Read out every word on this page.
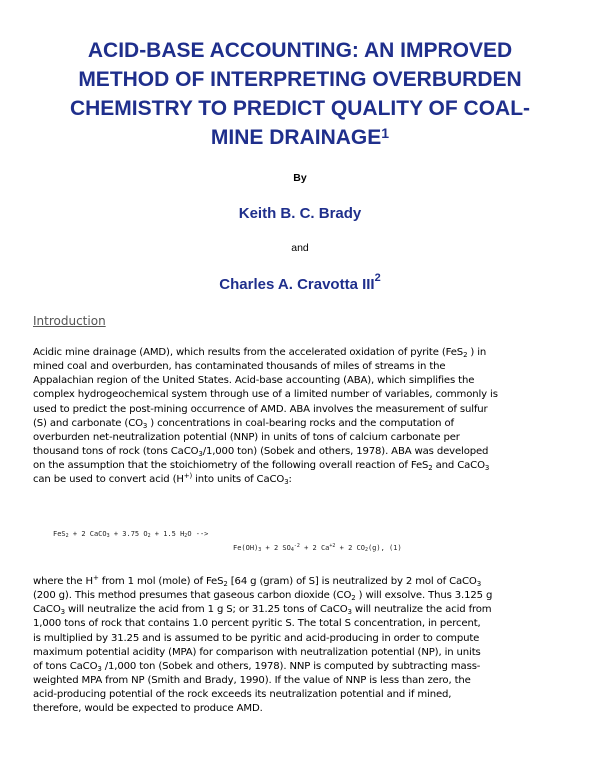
ACID-BASE ACCOUNTING: AN IMPROVED
METHOD OF INTERPRETING OVERBURDEN
CHEMISTRY TO PREDICT QUALITY OF COAL-
MINE DRAINAGE$^1$
By
Keith B. C. Brady
and
Charles A. Cravotta III$^2$
Introduction

Acidic mine drainage (AMD), which results from the accelerated oxidation of pyrite (FeS$_2$ ) in
mined coal and overburden, has contaminated thousands of miles of streams in the
Appalachian region of the United States. Acid-base accounting (ABA), which simplifies the
complex hydrogeochemical system through use of a limited number of variables, commonly is
used to predict the post-mining occurrence of AMD. ABA involves the measurement of sulfur
(S) and carbonate ($CO_3$ ) concentrations in coal-bearing rocks and the computation of
overburden net-neutralization potential (NNP) in units of tons of calcium carbonate per
thousand tons of rock (tons CaCO$_3$/1,000 ton) (Sobek and others, 1978). ABA was developed
on the assumption that the stoichiometry of the following overall reaction of FeS$_2$ and CaCO$_3$
can be used to convert acid (H+) into units of CaCO$_3$:

FeS$_2$ + 2 CaCO$_3$ + 3.75 $O_2 + 1.5$ $H_2O$ -->
$Fe(OH)_3 + 2$ $SO_4^{-2} + 2$ $Ca^{+2} + 2$ $CO_2(g)$, (1)

where the H+ from 1 mol (mole) of FeS$_2$ [64 g (gram) of S] is neutralized by 2 mol of CaCO$_3$
(200 g). This method presumes that gaseous carbon dioxide ($CO_2$ ) will exsolve. Thus 3.125 g
CaCO$_3$ will neutralize the acid from 1 g S; or 31.25 tons of CaCO$_3$ will neutralize the acid from
1,000 tons of rock that contains 1.0 percent pyritic S. The total S concentration, in percent,
is multiplied by 31.25 and is assumed to be pyritic and acid-producing in order to compute
maximum potential acidity (MPA) for comparison with neutralization potential (NP), in units
of tons CaCO$_3$ /1,000 ton (Sobek and others, 1978). NNP is computed by subtracting mass-
weighted MPA from NP (Smith and Brady, 1990). If the value of NNP is less than zero, the
acid-producing potential of the rock exceeds its neutralization potential and if mined,
therefore, would be expected to produce AMD.
